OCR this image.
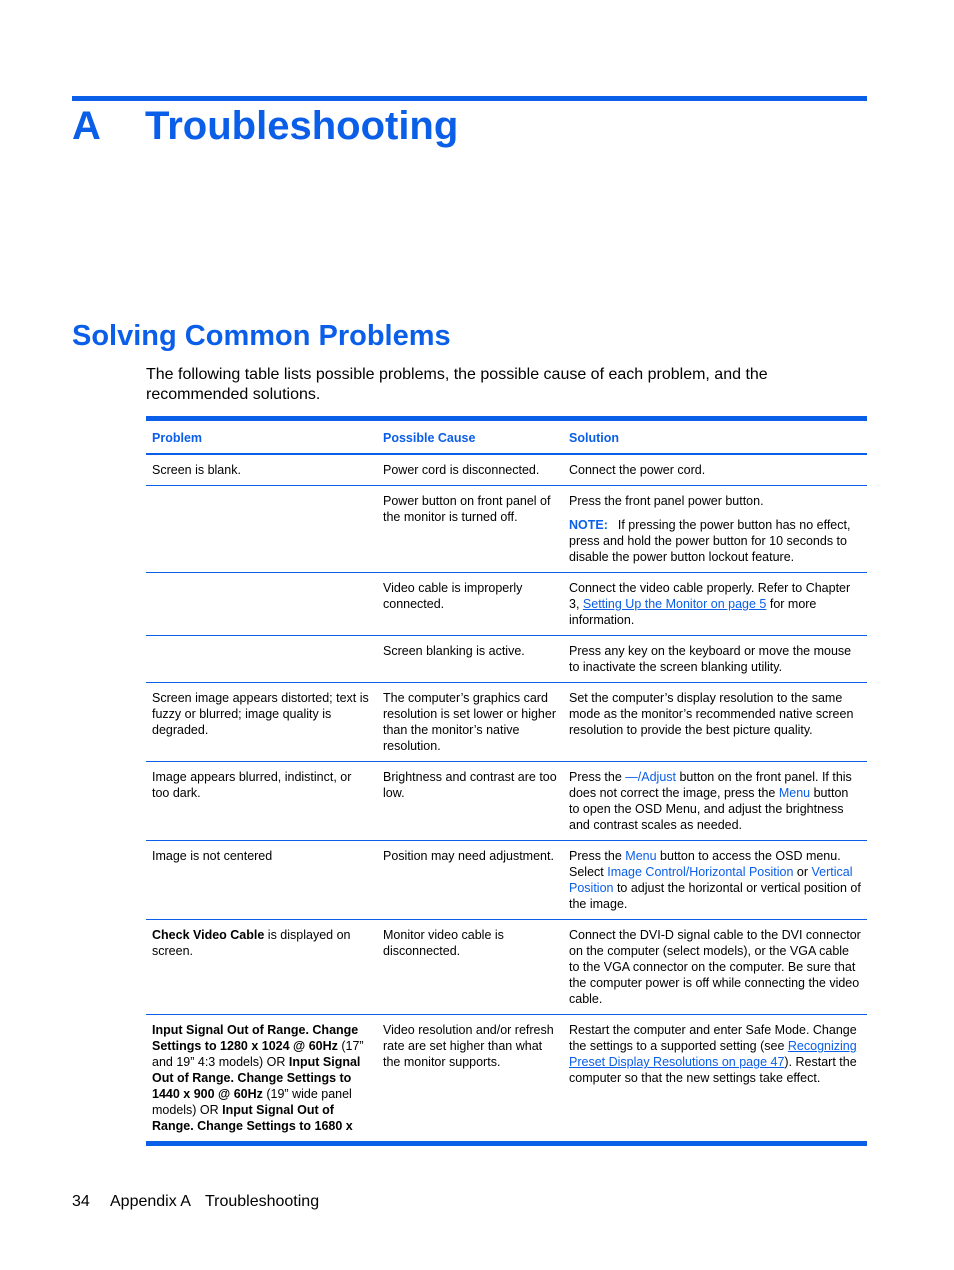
A Troubleshooting
Solving Common Problems

The following table lists possible problems, the possible cause of each problem, and the recommended solutions.

Problem	Possible Cause	Solution
Screen is blank.	Power cord is disconnected.	Connect the power cord.
	Power button on front panel of the monitor is turned off.	Press the front panel power button.
NOTE: If pressing the power button has no effect, press and hold the power button for 10 seconds to disable the power button lockout feature.

	Video cable is improperly connected.	Connect the video cable properly. Refer to Chapter 3, Setting Up the Monitor on page 5 for more information.
	Screen blanking is active.	Press any key on the keyboard or move the mouse to inactivate the screen blanking utility.
Screen image appears distorted; text is fuzzy or blurred; image quality is degraded.	The computer’s graphics card resolution is set lower or higher than the monitor’s native resolution.	Set the computer’s display resolution to the same mode as the monitor’s recommended native screen resolution to provide the best picture quality.
Image appears blurred, indistinct, or too dark.	Brightness and contrast are too low.	Press the —/Adjust button on the front panel. If this does not correct the image, press the Menu button to open the OSD Menu, and adjust the brightness and contrast scales as needed.
Image is not centered	Position may need adjustment.	Press the Menu button to access the OSD menu. Select Image Control/Horizontal Position or Vertical Position to adjust the horizontal or vertical position of the image.
Check Video Cable is displayed on screen.	Monitor video cable is disconnected.	Connect the DVI-D signal cable to the DVI connector on the computer (select models), or the VGA cable to the VGA connector on the computer. Be sure that the computer power is off while connecting the video cable.
Input Signal Out of Range. Change Settings to 1280 x 1024 @ 60Hz (17” and 19” 4:3 models) OR Input Signal Out of Range. Change Settings to 1440 x 900 @ 60Hz (19” wide panel models) OR Input Signal Out of Range. Change Settings to 1680 x	Video resolution and/or refresh rate are set higher than what the monitor supports.	Restart the computer and enter Safe Mode. Change the settings to a supported setting (see Recognizing Preset Display Resolutions on page 47). Restart the computer so that the new settings take effect.
34 Appendix A Troubleshooting
